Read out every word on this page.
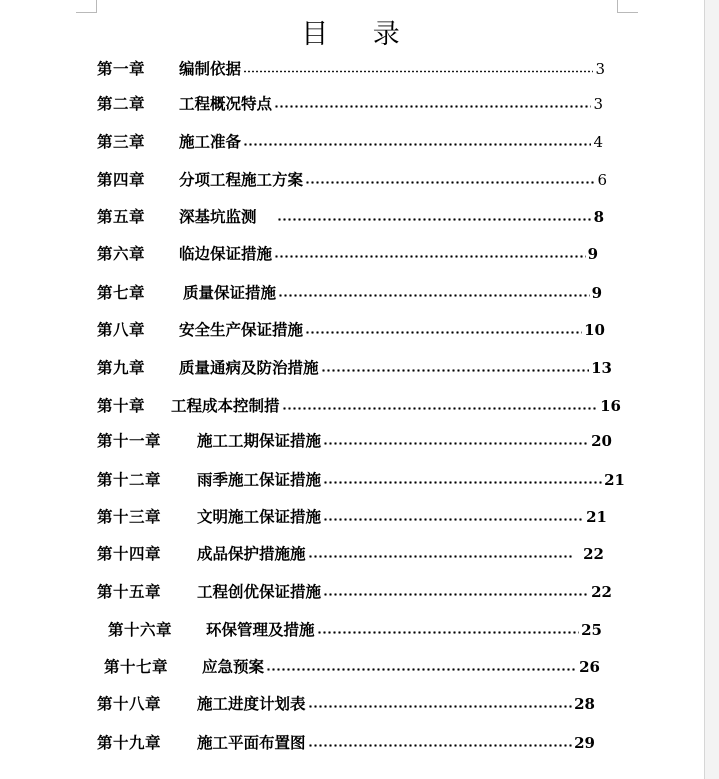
目 录
第一章	编制依据	3
第二章	工程概况特点	3
第三章	施工准备	4
第四章	分项工程施工方案	6
第五章	深基坑监测	8
第六章	临边保证措施	9
第七章	质量保证措施	9
第八章	安全生产保证措施	10
第九章	质量通病及防治措施	13
第十章	工程成本控制措	16
第十一章	施工工期保证措施	20
第十二章	雨季施工保证措施	21
第十三章	文明施工保证措施	21
第十四章	成品保护措施施	22
第十五章	工程创优保证措施	22
第十六章	环保管理及措施	25
第十七章	应急预案	26
第十八章	施工进度计划表	28
第十九章	施工平面布置图	29
